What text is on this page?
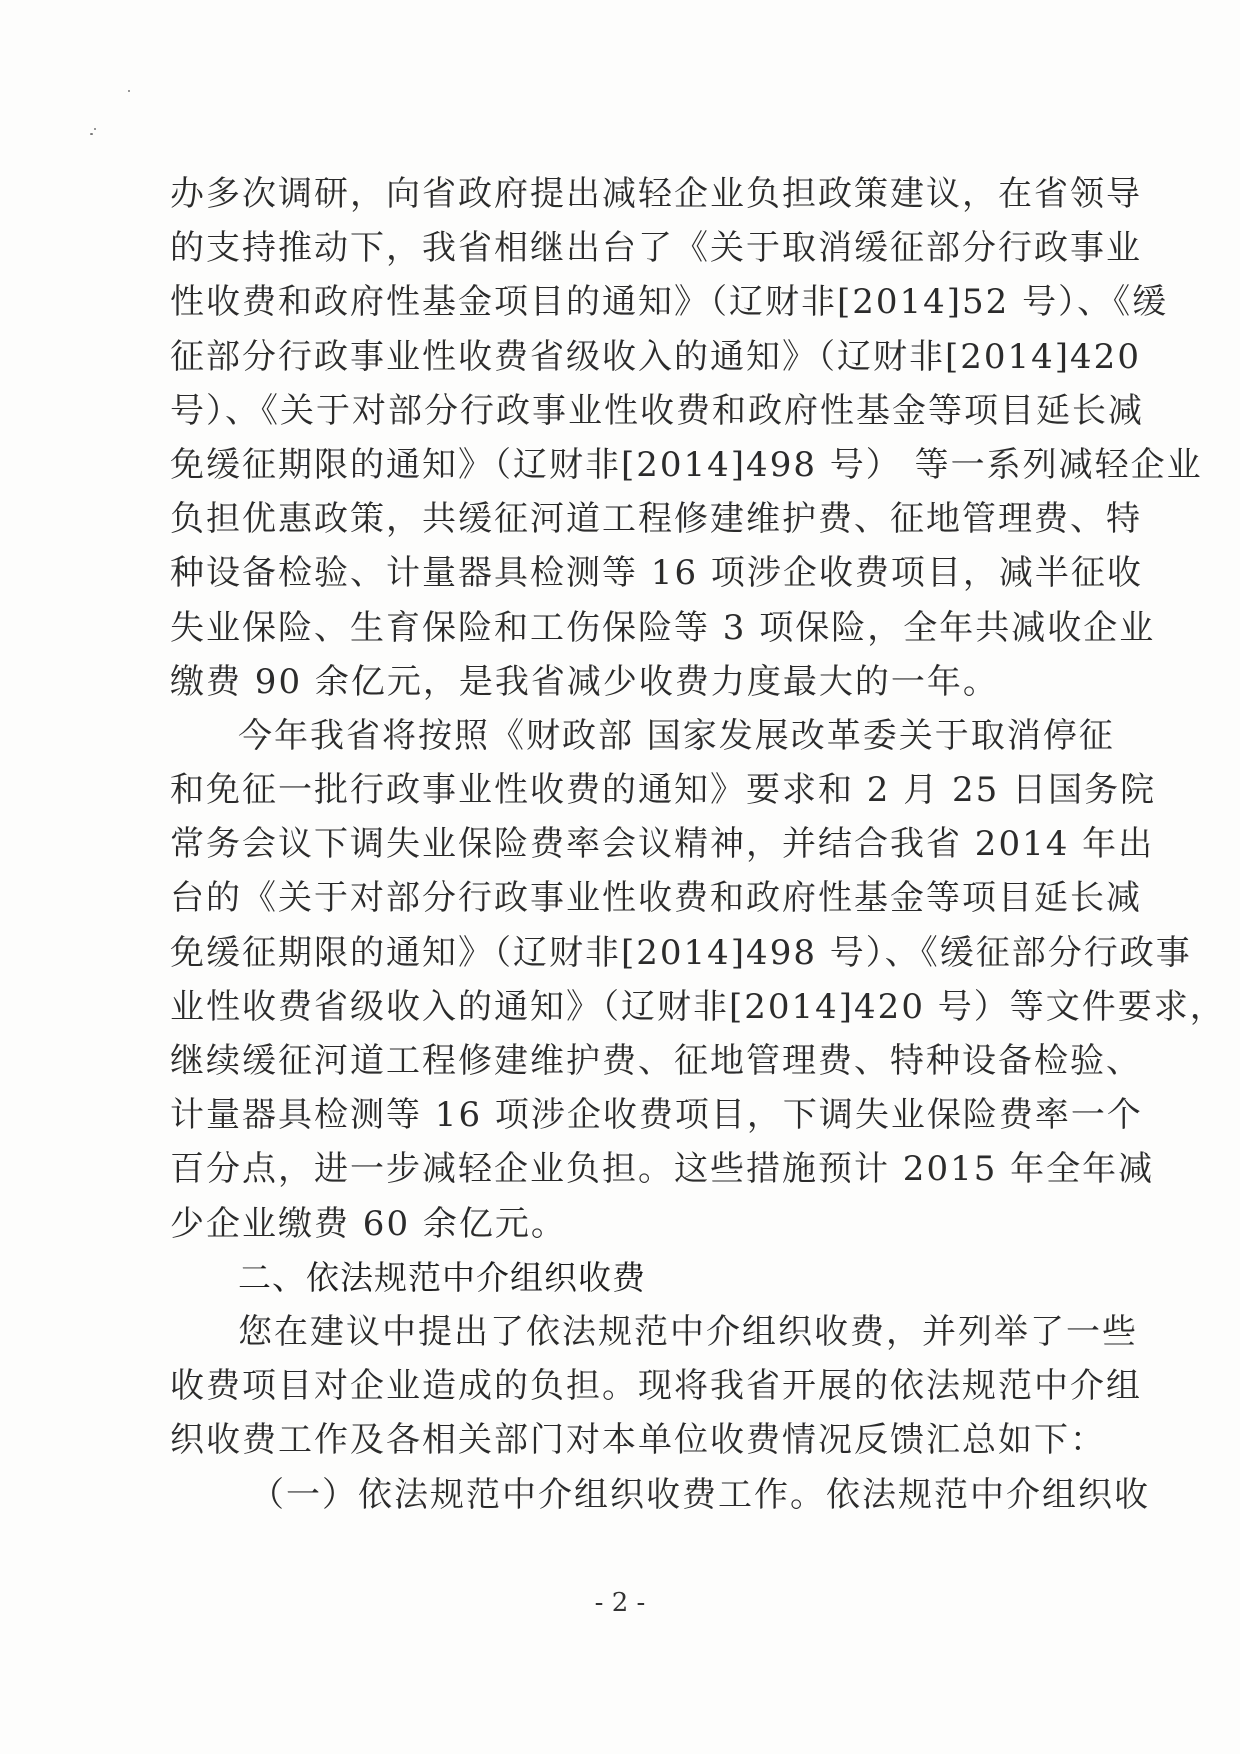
办多次调研，向省政府提出减轻企业负担政策建议，在省领导
的支持推动下，我省相继出台了《关于取消缓征部分行政事业
性收费和政府性基金项目的通知》（辽财非[2014]52 号）、《缓
征部分行政事业性收费省级收入的通知》（辽财非[2014]420
号）、《关于对部分行政事业性收费和政府性基金等项目延长减
免缓征期限的通知》（辽财非[2014]498 号） 等一系列减轻企业
负担优惠政策，共缓征河道工程修建维护费、征地管理费、特
种设备检验、计量器具检测等 16 项涉企收费项目，减半征收
失业保险、生育保险和工伤保险等 3 项保险，全年共减收企业
缴费 90 余亿元，是我省减少收费力度最大的一年。
今年我省将按照《财政部 国家发展改革委关于取消停征
和免征一批行政事业性收费的通知》要求和 2 月 25 日国务院
常务会议下调失业保险费率会议精神，并结合我省 2014 年出
台的《关于对部分行政事业性收费和政府性基金等项目延长减
免缓征期限的通知》（辽财非[2014]498 号）、《缓征部分行政事
业性收费省级收入的通知》（辽财非[2014]420 号）等文件要求，
继续缓征河道工程修建维护费、征地管理费、特种设备检验、
计量器具检测等 16 项涉企收费项目，下调失业保险费率一个
百分点，进一步减轻企业负担。这些措施预计 2015 年全年减
少企业缴费 60 余亿元。
二、依法规范中介组织收费
您在建议中提出了依法规范中介组织收费，并列举了一些
收费项目对企业造成的负担。现将我省开展的依法规范中介组
织收费工作及各相关部门对本单位收费情况反馈汇总如下：
（一）依法规范中介组织收费工作。依法规范中介组织收
- 2 -
